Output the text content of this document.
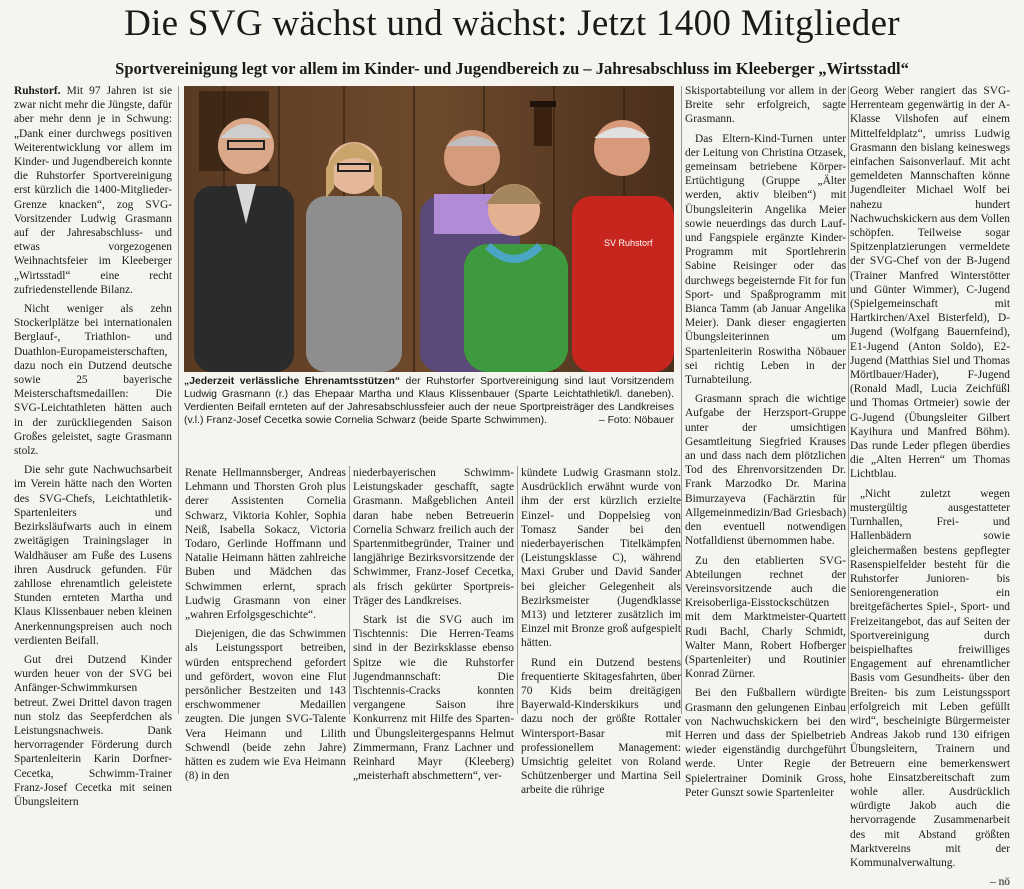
Die SVG wächst und wächst: Jetzt 1400 Mitglieder
Sportvereinigung legt vor allem im Kinder- und Jugendbereich zu – Jahresabschluss im Kleeberger „Wirtsstadl“

Ruhstorf. Mit 97 Jahren ist sie zwar nicht mehr die Jüngste, dafür aber mehr denn je in Schwung: „Dank einer durchwegs positiven Weiterentwicklung vor allem im Kinder- und Jugendbereich konnte die Ruhstorfer Sportvereinigung erst kürzlich die 1400-Mitglieder-Grenze knacken“, zog SVG-Vorsitzender Ludwig Grasmann auf der Jahresabschluss- und etwas vorgezogenen Weihnachtsfeier im Kleeberger „Wirtsstadl“ eine recht zufriedenstellende Bilanz.

Nicht weniger als zehn Stockerlplätze bei internationalen Berglauf-, Triathlon- und Duathlon-Europameisterschaften, dazu noch ein Dutzend deutsche sowie 25 bayerische Meisterschaftsmedaillen: Die SVG-Leichtathleten hätten auch in der zurückliegenden Saison Großes geleistet, sagte Grasmann stolz.

Die sehr gute Nachwuchsarbeit im Verein hätte nach den Worten des SVG-Chefs, Leichtathletik-Spartenleiters und Bezirksläufwarts auch in einem zweitägigen Trainingslager in Waldhäuser am Fuße des Lusens ihren Ausdruck gefunden. Für zahllose ehrenamtlich geleistete Stunden ernteten Martha und Klaus Klissenbauer neben kleinen Anerkennungspreisen auch noch verdienten Beifall.

Gut drei Dutzend Kinder wurden heuer von der SVG bei Anfänger-Schwimmkursen betreut. Zwei Drittel davon tragen nun stolz das Seepferdchen als Leistungsnachweis. Dank hervorragender Förderung durch Spartenleiterin Karin Dorfner-Cecetka, Schwimm-Trainer Franz-Josef Cecetka mit seinen Übungsleitern

SV Ruhstorf
„Jederzeit verlässliche Ehrenamtsstützen“ der Ruhstorfer Sportvereinigung sind laut Vorsitzendem Ludwig Grasmann (r.) das Ehepaar Martha und Klaus Klissenbauer (Sparte Leichtathletik/l. daneben). Verdienten Beifall ernteten auf der Jahresabschlussfeier auch der neue Sportpreisträger des Landkreises (v.l.) Franz-Josef Cecetka sowie Cornelia Schwarz (beide Sparte Schwimmen).	– Foto: Nöbauer

Renate Hellmannsberger, Andreas Lehmann und Thorsten Groh plus derer Assistenten Cornelia Schwarz, Viktoria Kohler, Sophia Neiß, Isabella Sokacz, Victoria Todaro, Gerlinde Hoffmann und Natalie Heimann hätten zahlreiche Buben und Mädchen das Schwimmen erlernt, sprach Ludwig Grasmann von einer „wahren Erfolgsgeschichte“.

Diejenigen, die das Schwimmen als Leistungssport betreiben, würden entsprechend gefordert und gefördert, wovon eine Flut persönlicher Bestzeiten und 143 erschwommener Medaillen zeugten. Die jungen SVG-Talente Vera Heimann und Lilith Schwendl (beide zehn Jahre) hätten es zudem wie Eva Heimann (8) in den

niederbayerischen Schwimm-Leistungskader geschafft, sagte Grasmann. Maßgeblichen Anteil daran habe neben Betreuerin Cornelia Schwarz freilich auch der Spartenmitbegründer, Trainer und langjährige Bezirksvorsitzende der Schwimmer, Franz-Josef Cecetka, als frisch gekürter Sportpreis-Träger des Landkreises.

Stark ist die SVG auch im Tischtennis: Die Herren-Teams sind in der Bezirksklasse ebenso Spitze wie die Ruhstorfer Jugendmannschaft: Die Tischtennis-Cracks konnten vergangene Saison ihre Konkurrenz mit Hilfe des Sparten- und Übungsleitergespanns Helmut Zimmermann, Franz Lachner und Reinhard Mayr (Kleeberg) „meisterhaft abschmettern“, ver-

kündete Ludwig Grasmann stolz. Ausdrücklich erwähnt wurde von ihm der erst kürzlich erzielte Einzel- und Doppelsieg von Tomasz Sander bei den niederbayerischen Titelkämpfen (Leistungsklasse C), während Maxi Gruber und David Sander bei gleicher Gelegenheit als Bezirksmeister (Jugendklasse M13) und letzterer zusätzlich im Einzel mit Bronze groß aufgespielt hätten.

Rund ein Dutzend bestens frequentierte Skitagesfahrten, über 70 Kids beim dreitägigen Bayerwald-Kinderskikurs und dazu noch der größte Rottaler Wintersport-Basar mit professionellem Management: Umsichtig geleitet von Roland Schützenberger und Martina Seil arbeite die rührige

Skisportabteilung vor allem in der Breite sehr erfolgreich, sagte Grasmann.

Das Eltern-Kind-Turnen unter der Leitung von Christina Otzasek, gemeinsam betriebene Körper-Ertüchtigung (Gruppe „Älter werden, aktiv bleiben“) mit Übungsleiterin Angelika Meier sowie neuerdings das durch Lauf- und Fangspiele ergänzte Kinder-Programm mit Sportlehrerin Sabine Reisinger oder das durchwegs begeisternde Fit for fun Sport- und Spaßprogramm mit Bianca Tamm (ab Januar Angelika Meier). Dank dieser engagierten Übungsleiterinnen um Spartenleiterin Roswitha Nöbauer sei richtig Leben in der Turnabteilung.

Grasmann sprach die wichtige Aufgabe der Herzsport-Gruppe unter der umsichtigen Gesamtleitung Siegfried Krauses an und dass nach dem plötzlichen Tod des Ehrenvorsitzenden Dr. Frank Marzodko Dr. Marina Bimurzayeva (Fachärztin für Allgemeinmedizin/Bad Griesbach) den eventuell notwendigen Notfalldienst übernommen habe.

Zu den etablierten SVG-Abteilungen rechnet der Vereinsvorsitzende auch die Kreisoberliga-Eisstockschützen mit dem Marktmeister-Quartett Rudi Bachl, Charly Schmidt, Walter Mann, Robert Hofberger (Spartenleiter) und Routinier Konrad Zürner.

Bei den Fußballern würdigte Grasmann den gelungenen Einbau von Nachwuchskickern bei den Herren und dass der Spielbetrieb wieder eigenständig durchgeführt werde. Unter Regie der Spielertrainer Dominik Gross, Peter Gunszt sowie Spartenleiter

Georg Weber rangiert das SVG-Herrenteam gegenwärtig in der A-Klasse Vilshofen auf einem Mittelfeldplatz“, umriss Ludwig Grasmann den bislang keineswegs einfachen Saisonverlauf. Mit acht gemeldeten Mannschaften könne Jugendleiter Michael Wolf bei nahezu hundert Nachwuchskickern aus dem Vollen schöpfen. Teilweise sogar Spitzenplatzierungen vermeldete der SVG-Chef von der B-Jugend (Trainer Manfred Winterstötter und Günter Wimmer), C-Jugend (Spielgemeinschaft mit Hartkirchen/Axel Bisterfeld), D-Jugend (Wolfgang Bauernfeind), E1-Jugend (Anton Soldo), E2-Jugend (Matthias Siel und Thomas Mörtlbauer/Hader), F-Jugend (Ronald Madl, Lucia Zeichfüßl und Thomas Ortmeier) sowie der G-Jugend (Übungsleiter Gilbert Kayihura und Manfred Böhm). Das runde Leder pflegen überdies die „Alten Herren“ um Thomas Lichtblau.

„Nicht zuletzt wegen mustergültig ausgestatteter Turnhallen, Frei- und Hallenbädern sowie gleichermaßen bestens gepflegter Rasenspielfelder besteht für die Ruhstorfer Junioren- bis Seniorengeneration ein breitgefächertes Spiel-, Sport- und Freizeitangebot, das auf Seiten der Sportvereinigung durch beispielhaftes freiwilliges Engagement auf ehrenamtlicher Basis vom Gesundheits- über den Breiten- bis zum Leistungssport erfolgreich mit Leben gefüllt wird“, bescheinigte Bürgermeister Andreas Jakob rund 130 eifrigen Übungsleitern, Trainern und Betreuern eine bemerkenswert hohe Einsatzbereitschaft zum wohle aller. Ausdrücklich würdigte Jakob auch die hervorragende Zusammenarbeit des mit Abstand größten Marktvereins mit der Kommunalverwaltung.

– nö
